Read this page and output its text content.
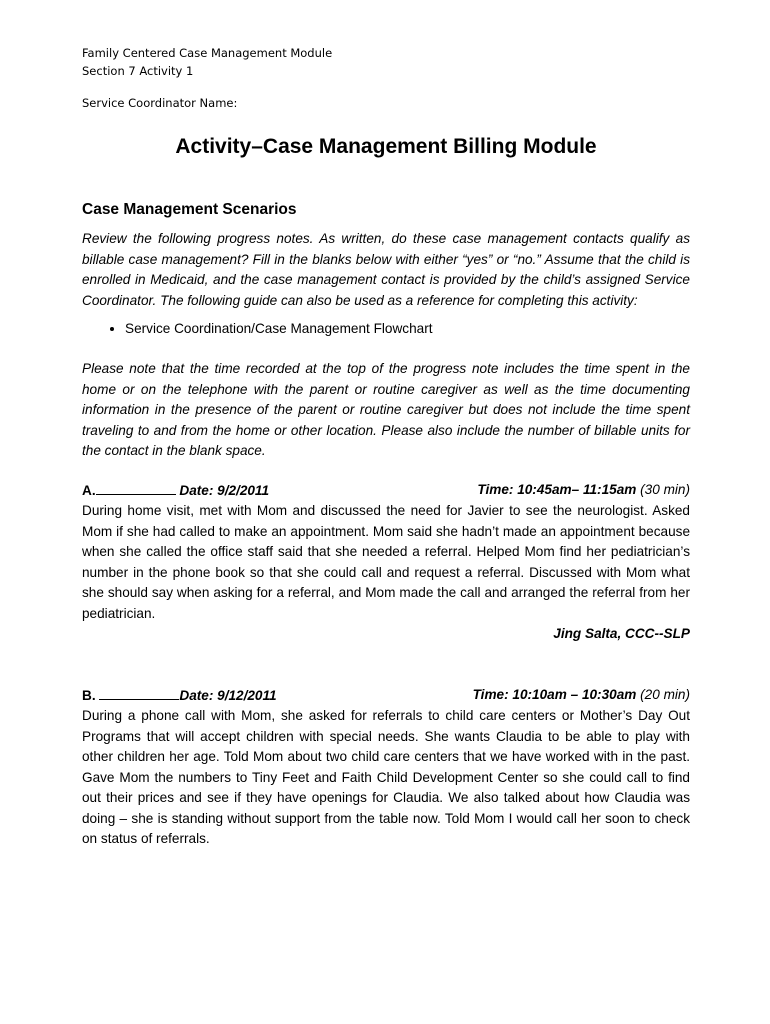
Family Centered Case Management Module
Section 7 Activity 1
Service Coordinator Name:
Activity–Case Management Billing Module
Case Management Scenarios

Review the following progress notes. As written, do these case management contacts qualify as billable case management? Fill in the blanks below with either “yes” or “no.” Assume that the child is enrolled in Medicaid, and the case management contact is provided by the child’s assigned Service Coordinator. The following guide can also be used as a reference for completing this activity:

• Service Coordination/Case Management Flowchart

Please note that the time recorded at the top of the progress note includes the time spent in the home or on the telephone with the parent or routine caregiver as well as the time documenting information in the presence of the parent or routine caregiver but does not include the time spent traveling to and from the home or other location. Please also include the number of billable units for the contact in the blank space.

A.	Date: 9/2/2011	Time: 10:45am– 11:15am (30 min)

During home visit, met with Mom and discussed the need for Javier to see the neurologist. Asked Mom if she had called to make an appointment. Mom said she hadn’t made an appointment because when she called the office staff said that she needed a referral. Helped Mom find her pediatrician’s number in the phone book so that she could call and request a referral. Discussed with Mom what she should say when asking for a referral, and Mom made the call and arranged the referral from her pediatrician.

Jing Salta, CCC--SLP
B.	Date: 9/12/2011	Time: 10:10am – 10:30am (20 min)

During a phone call with Mom, she asked for referrals to child care centers or Mother’s Day Out Programs that will accept children with special needs. She wants Claudia to be able to play with other children her age. Told Mom about two child care centers that we have worked with in the past. Gave Mom the numbers to Tiny Feet and Faith Child Development Center so she could call to find out their prices and see if they have openings for Claudia. We also talked about how Claudia was doing – she is standing without support from the table now. Told Mom I would call her soon to check on status of referrals.
